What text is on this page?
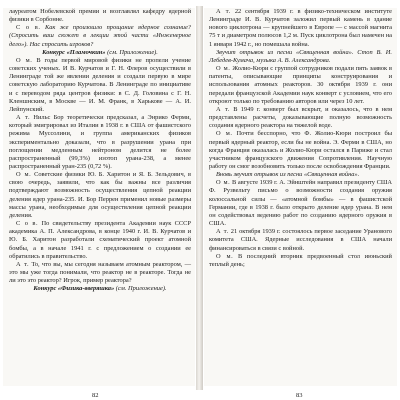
лауреатом Нобелевской премии и возглавлял кафедру ядерной физики в Сорбонне.

С о в. Как же произошло прощание ядерное сознание? (Спросить ваш сюжет в лекции этой части «Инженерное дело»). Нас спросить игроков?

Конкурс «Пламочкин» (см. Приложение).

О м. В годы первой мировой физики не пропели учение советских ученых. И В. Курчатов и Г. Н. Флеров осуществили в Ленинграде той же явлении деления и создали первую в мире советскую лабораторию Курчатова. В Ленинграде по инициативе и с переводом ряда центров физики: в С. Д. Головина с Г. Н. Кленшнским, в Москве — И. М. Франк, в Харькове — А. И. Лейпунский.

А т. Нильс Бор теоретически предсказал, а Энрико Ферми, который эмигрировал из Италии в 1938 г. в США от фашистского режима Муссолини, и группа американских физиков экспериментально доказали, что в разрушении урана при поглощении медленным нейтроном делится не более распространенный (99,3%) изотоп урана-238, а менее распространенный уран-235 (0,72 %).

О м. Советские физики Ю. Б. Харитон и Я. Б. Зельдович, в свою очередь, заявили, что как бы важны все различия подтверждают возможность осуществления цепной реакции деления ядер урана-235. И. Бор Перрен применил новые размеры массы урана, необходимые для осуществления цепной реакции деления.

С о в. По свидетельству президента Академии наук СССР академика А. П. Александрова, в конце 1940 г. И. В. Курчатов и Ю. Б. Харитон разработали схематический проект атомной бомбы, а в начале 1941 г. с предложением о создании ее обратились в правительство.

А т. То, что вы, мы сегодня называем атомным реактором, — это мы уже тогда понимали, что реактор не в реакторе. Тогда не ли это это реактор? Игрок, пример реактора?

Конкурс «Физика-вверяшка» (см. Приложение).

А т. 22 сентября 1939 г. в физико-техническом институте Ленинграде И. В. Курчатов заложил первый камень в здание нового циклотрона — крупнейшего в Европе — с массой магнита 75 т и диаметром полюсов 1,2 м. Пуск циклотрона был намечен на 1 января 1942 г., но помешала война.

Звучит отрывок из песни «Священная война». Стоп В. И. Лебедев-Кумача, музыка А. В. Александрова.

О м. Жолио-Кюри с группой сотрудников подали пять заявок в патенты, описывающие принципы конструирования и использования атомных реакторов. 30 октября 1939 г. они передали французской Академии наук конверт с условием, что его откроют только по требованию авторов или через 10 лет.

А т. В 1949 г. конверт был вскрыт, и оказалось, что в нем представлены расчеты, доказывающие полную возможность создания ядерного реактора на тяжелой воде.

О м. Почти бесспорно, что Ф. Жолио-Кюри построил бы первый ядерный реактор, если бы не война. Э. Ферми в США, но когда Франция оказалась и Жолио-Кюри остался в Париже и стал участником французского движения Сопротивления. Научную работу он смог возобновить только после освобождения Франции.

Вновь звучит отрывок из песни «Священная война».

О м. В августе 1939 г. А. Эйнштейн направил президенту США Ф. Рузвельту письмо о возможности создания оружия колоссальной силы — «атомной бомбы» — в фашистской Германии, где в 1938 г. было открыто деление ядер урана. В нем он содействовал ведению работ по созданию ядерного оружия в США.

А т. 21 октября 1939 г. состоялось первое заседание Уранового комитета США. Ядерные исследования в США начали финансироваться в связи с войной.

О м. В последний вторник предвоенный стол июньский теплый день;

82	83
